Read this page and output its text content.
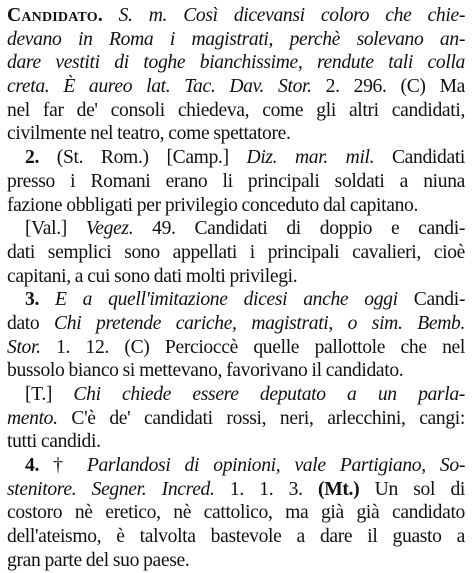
Candidato. S. m. Così dicevansi coloro che chie-
devano in Roma i magistrati, perchè solevano an-
dare vestiti di toghe bianchissime, rendute tali colla
creta. È aureo lat. Tac. Dav. Stor. 2. 296. (C) Ma
nel far de' consoli chiedeva, come gli altri candidati,
civilmente nel teatro, come spettatore.
2. (St. Rom.) [Camp.] Diz. mar. mil. Candidati
presso i Romani erano li principali soldati a niuna
fazione obbligati per privilegio conceduto dal capitano.
[Val.] Vegez. 49. Candidati di doppio e candi-
dati semplici sono appellati i principali cavalieri, cioè
capitani, a cui sono dati molti privilegi.
3. E a quell'imitazione dicesi anche oggi Candi-
dato Chi pretende cariche, magistrati, o sim. Bemb.
Stor. 1. 12. (C) Percioccè quelle pallottole che nel
bussolo bianco si mettevano, favorivano il candidato.
[T.] Chi chiede essere deputato a un parla-
mento. C'è de' candidati rossi, neri, arlecchini, cangi:
tutti candidi.
4. † Parlandosi di opinioni, vale Partigiano, So-
stenitore. Segner. Incred. 1. 1. 3. (Mt.) Un sol di
costoro nè eretico, nè cattolico, ma già già candidato
dell'ateismo, è talvolta bastevole a dare il guasto a
gran parte del suo paese.
